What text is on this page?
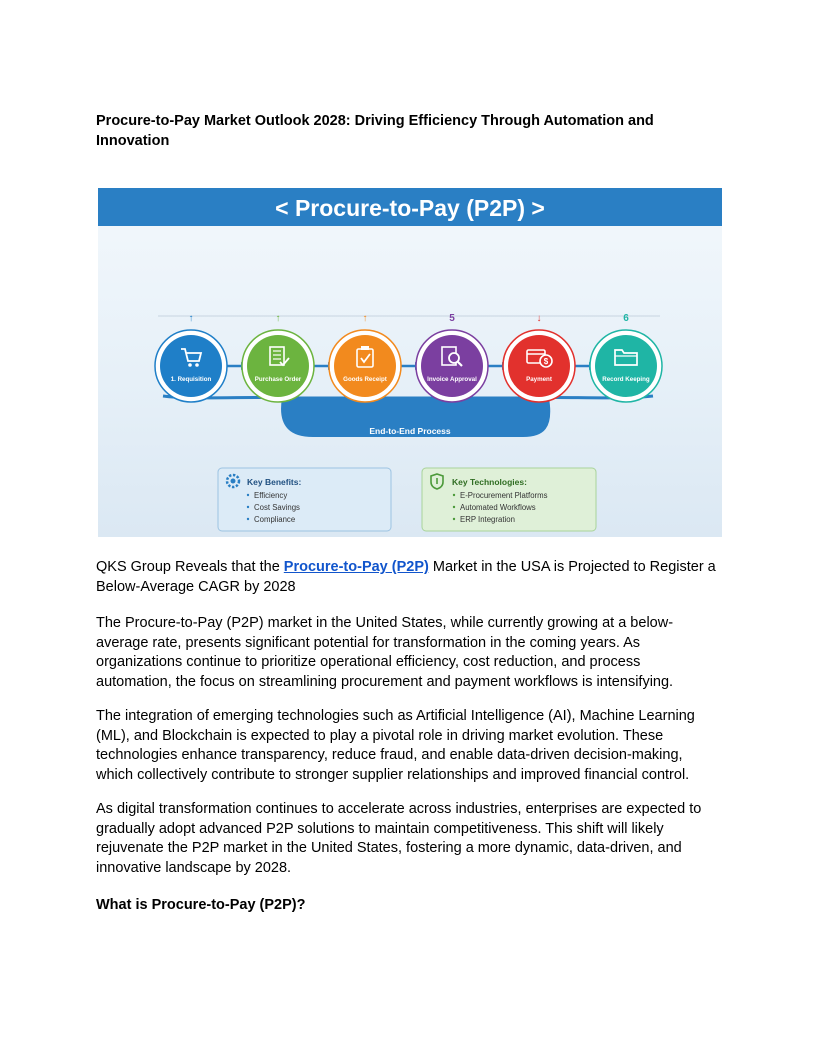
Procure-to-Pay Market Outlook 2028: Driving Efficiency Through Automation and Innovation
< Procure-to-Pay (P2P) >
End-to-End Process
↑
1. Requisition
↑
Purchase Order
↑
Goods Receipt
5
Invoice Approval
↓
$
Payment
6
Record Keeping
Key Benefits:
Efficiency
Cost Savings
Compliance
Key Technologies:
E-Procurement Platforms
Automated Workflows
ERP Integration

QKS Group Reveals that the Procure-to-Pay (P2P) Market in the USA is Projected to Register a Below-Average CAGR by 2028

The Procure-to-Pay (P2P) market in the United States, while currently growing at a below-average rate, presents significant potential for transformation in the coming years. As organizations continue to prioritize operational efficiency, cost reduction, and process automation, the focus on streamlining procurement and payment workflows is intensifying.

The integration of emerging technologies such as Artificial Intelligence (AI), Machine Learning (ML), and Blockchain is expected to play a pivotal role in driving market evolution. These technologies enhance transparency, reduce fraud, and enable data-driven decision-making, which collectively contribute to stronger supplier relationships and improved financial control.

As digital transformation continues to accelerate across industries, enterprises are expected to gradually adopt advanced P2P solutions to maintain competitiveness. This shift will likely rejuvenate the P2P market in the United States, fostering a more dynamic, data-driven, and innovative landscape by 2028.

What is Procure-to-Pay (P2P)?
